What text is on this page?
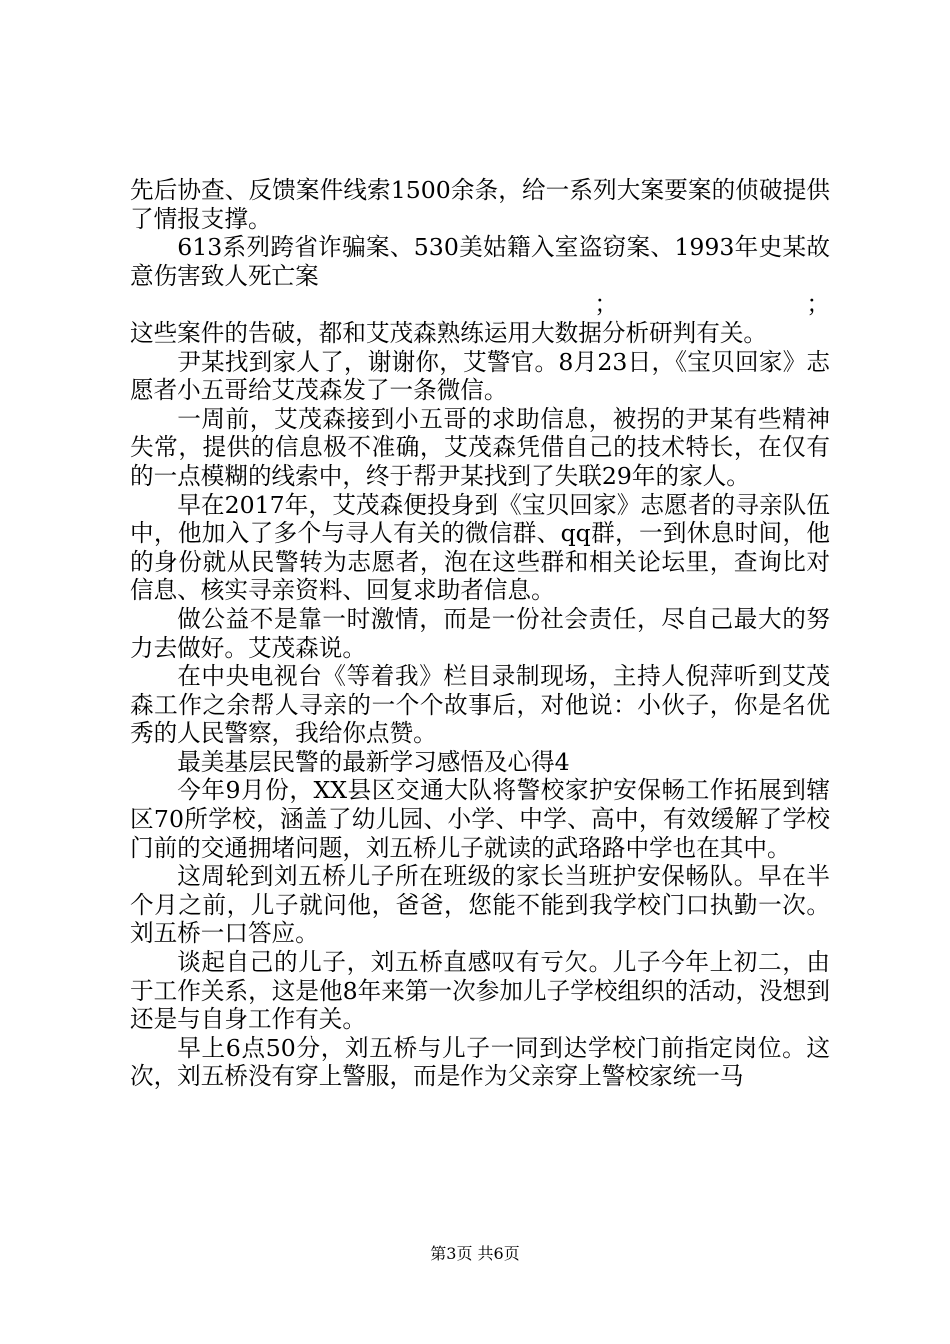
先后协查、反馈案件线索1500余条，给一系列大案要案的侦破提供了情报支撑。

613系列跨省诈骗案、530美姑籍入室盗窃案、1993年史某故意伤害致人死亡案

；	；

这些案件的告破，都和艾茂森熟练运用大数据分析研判有关。

尹某找到家人了，谢谢你，艾警官。8月23日，《宝贝回家》志愿者小五哥给艾茂森发了一条微信。

一周前，艾茂森接到小五哥的求助信息，被拐的尹某有些精神失常，提供的信息极不准确，艾茂森凭借自己的技术特长，在仅有的一点模糊的线索中，终于帮尹某找到了失联29年的家人。

早在2017年，艾茂森便投身到《宝贝回家》志愿者的寻亲队伍中，他加入了多个与寻人有关的微信群、qq群，一到休息时间，他的身份就从民警转为志愿者，泡在这些群和相关论坛里，查询比对信息、核实寻亲资料、回复求助者信息。

做公益不是靠一时激情，而是一份社会责任，尽自己最大的努力去做好。艾茂森说。

在中央电视台《等着我》栏目录制现场，主持人倪萍听到艾茂森工作之余帮人寻亲的一个个故事后，对他说：小伙子，你是名优秀的人民警察，我给你点赞。

最美基层民警的最新学习感悟及心得4

今年9月份，XX县区交通大队将警校家护安保畅工作拓展到辖区70所学校，涵盖了幼儿园、小学、中学、高中，有效缓解了学校门前的交通拥堵问题，刘五桥儿子就读的武珞路中学也在其中。

这周轮到刘五桥儿子所在班级的家长当班护安保畅队。早在半个月之前，儿子就问他，爸爸，您能不能到我学校门口执勤一次。刘五桥一口答应。

谈起自己的儿子，刘五桥直感叹有亏欠。儿子今年上初二，由于工作关系，这是他8年来第一次参加儿子学校组织的活动，没想到还是与自身工作有关。

早上6点50分，刘五桥与儿子一同到达学校门前指定岗位。这次，刘五桥没有穿上警服，而是作为父亲穿上警校家统一马

第3页 共6页
